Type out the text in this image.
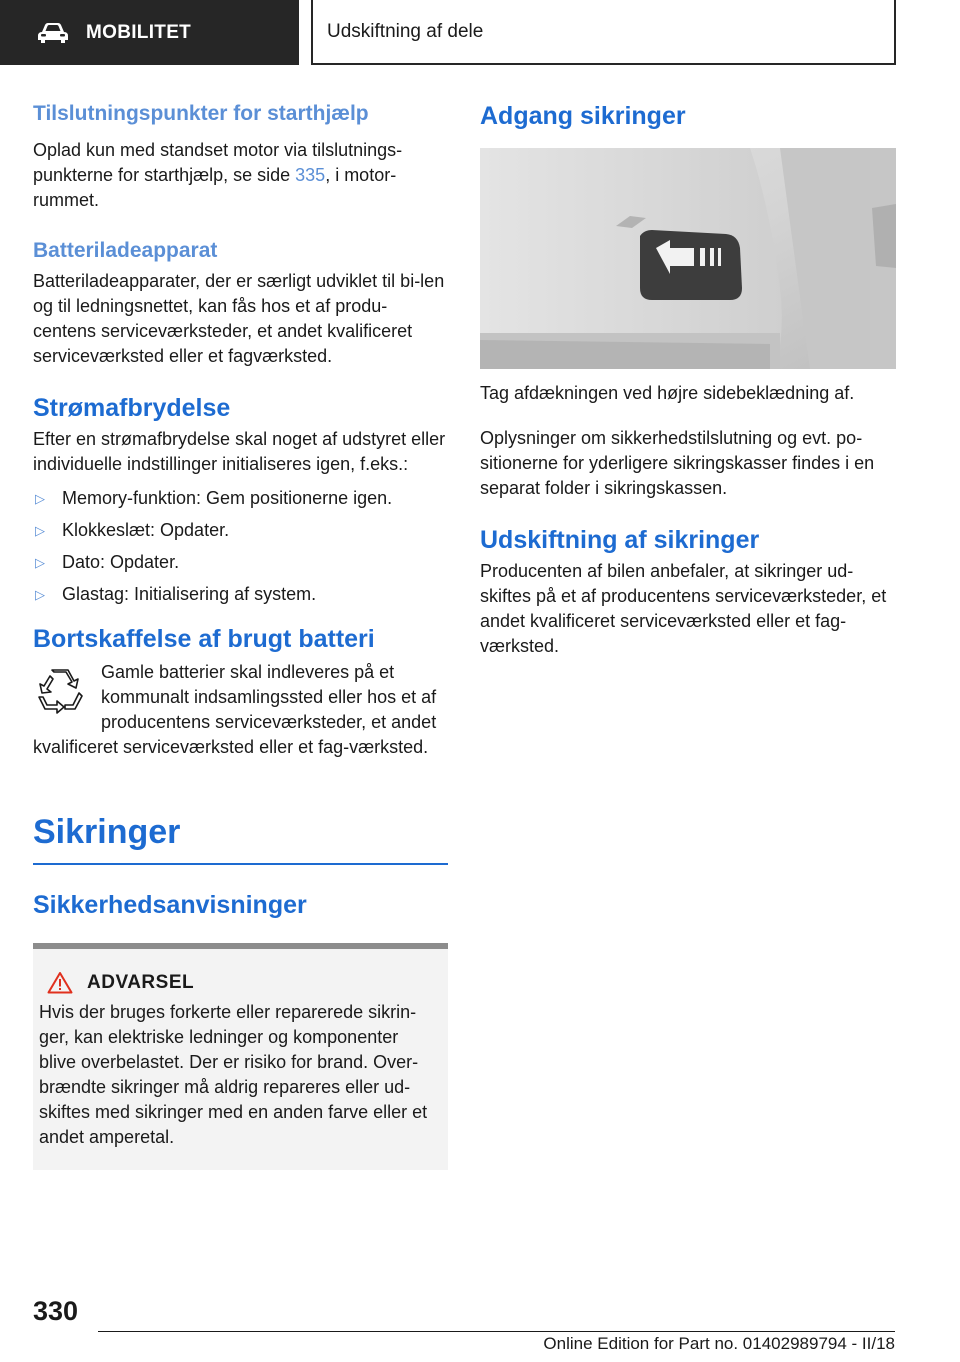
MOBILITET	Udskiftning af dele
Tilslutningspunkter for starthjælp

Oplad kun med standset motor via tilslutnings-punkterne for starthjælp, se side 335, i motor-rummet.

Batteriladeapparat

Batteriladeapparater, der er særligt udviklet til bi-len og til ledningsnettet, kan fås hos et af produ-centens serviceværksteder, et andet kvalificeret serviceværksted eller et fagværksted.

Strømafbrydelse

Efter en strømafbrydelse skal noget af udstyret eller individuelle indstillinger initialiseres igen, f.eks.:

▷ Memory-funktion: Gem positionerne igen.
▷ Klokkeslæt: Opdater.
▷ Dato: Opdater.
▷ Glastag: Initialisering af system.
Bortskaffelse af brugt batteri

Gamle batterier skal indleveres på et kommunalt indsamlingssted eller hos et af producentens serviceværksteder, et andet kvalificeret serviceværksted eller et fag-værksted.

Sikringer
Sikkerhedsanvisninger
ADVARSEL

Hvis der bruges forkerte eller reparerede sikrin-ger, kan elektriske ledninger og komponenter blive overbelastet. Der er risiko for brand. Over-brændte sikringer må aldrig repareres eller ud-skiftes med sikringer med en anden farve eller et andet amperetal.

Adgang sikringer

Tag afdækningen ved højre sidebeklædning af.

Oplysninger om sikkerhedstilslutning og evt. po-sitionerne for yderligere sikringskasser findes i en separat folder i sikringskassen.

Udskiftning af sikringer

Producenten af bilen anbefaler, at sikringer ud-skiftes på et af producentens serviceværksteder, et andet kvalificeret serviceværksted eller et fag-værksted.

330
Online Edition for Part no. 01402989794 - II/18
